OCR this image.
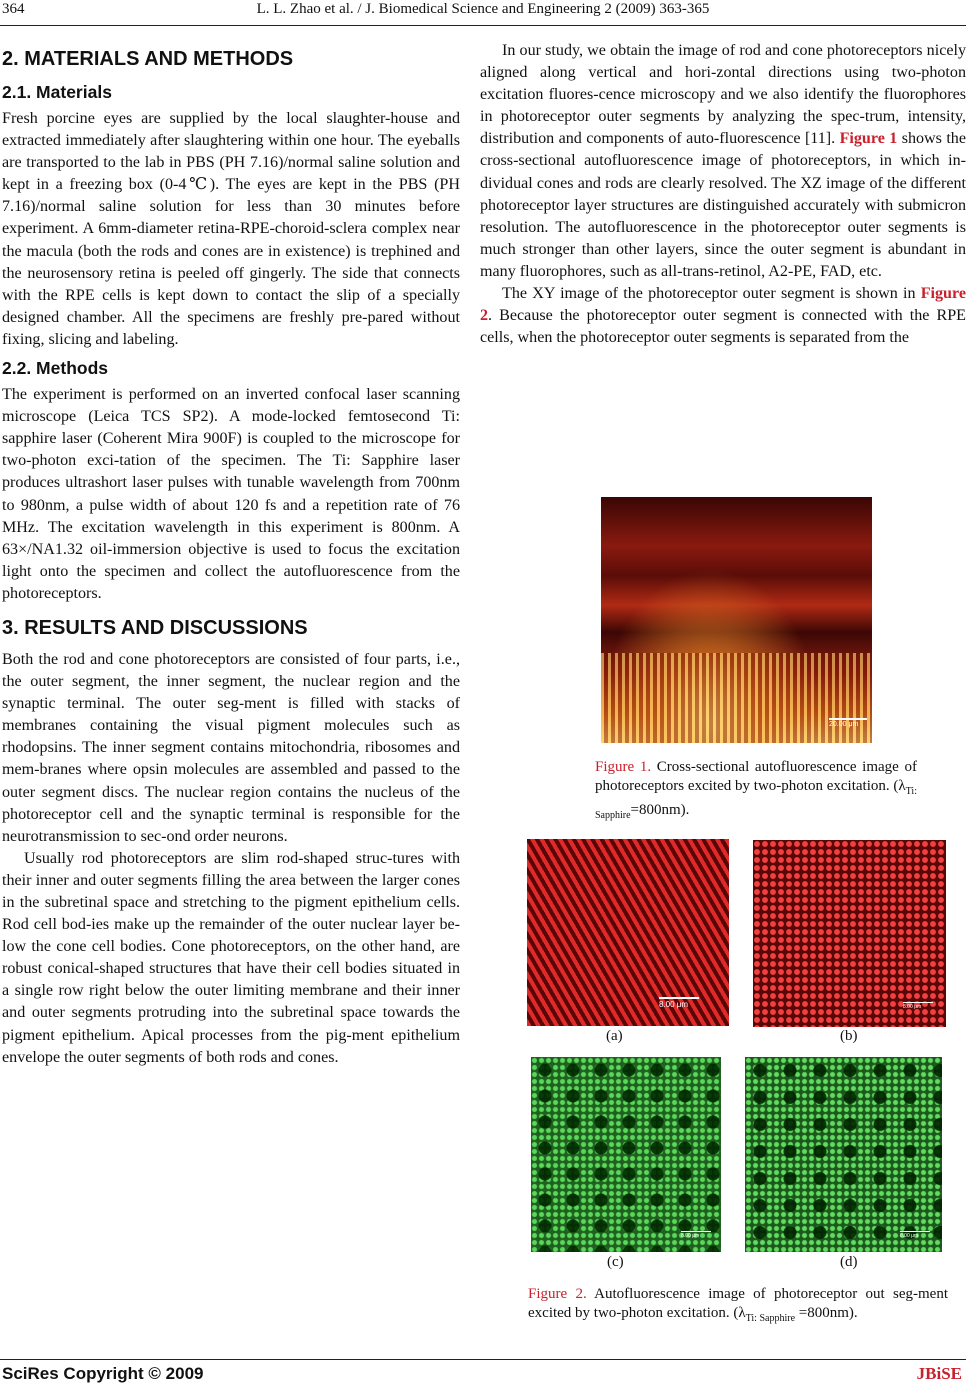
364	L. L. Zhao et al. / J. Biomedical Science and Engineering 2 (2009) 363-365
2. MATERIALS AND METHODS
2.1. Materials

Fresh porcine eyes are supplied by the local slaughter-house and extracted immediately after slaughtering within one hour. The eyeballs are transported to the lab in PBS (PH 7.16)/normal saline solution and kept in a freezing box (0-4℃). The eyes are kept in the PBS (PH 7.16)/normal saline solution for less than 30 minutes before experiment. A 6mm-diameter retina-RPE-choroid-sclera complex near the macula (both the rods and cones are in existence) is trephined and the neurosensory retina is peeled off gingerly. The side that connects with the RPE cells is kept down to contact the slip of a specially designed chamber. All the specimens are freshly pre-pared without fixing, slicing and labeling.

2.2. Methods

The experiment is performed on an inverted confocal laser scanning microscope (Leica TCS SP2). A mode-locked femtosecond Ti: sapphire laser (Coherent Mira 900F) is coupled to the microscope for two-photon exci-tation of the specimen. The Ti: Sapphire laser produces ultrashort laser pulses with tunable wavelength from 700nm to 980nm, a pulse width of about 120 fs and a repetition rate of 76 MHz. The excitation wavelength in this experiment is 800nm. A 63×/NA1.32 oil-immersion objective is used to focus the excitation light onto the specimen and collect the autofluorescence from the photoreceptors.

3. RESULTS AND DISCUSSIONS

Both the rod and cone photoreceptors are consisted of four parts, i.e., the outer segment, the inner segment, the nuclear region and the synaptic terminal. The outer seg-ment is filled with stacks of membranes containing the visual pigment molecules such as rhodopsins. The inner segment contains mitochondria, ribosomes and mem-branes where opsin molecules are assembled and passed to the outer segment discs. The nuclear region contains the nucleus of the photoreceptor cell and the synaptic terminal is responsible for the neurotransmission to sec-ond order neurons.

Usually rod photoreceptors are slim rod-shaped struc-tures with their inner and outer segments filling the area between the larger cones in the subretinal space and stretching to the pigment epithelium cells. Rod cell bod-ies make up the remainder of the outer nuclear layer be-low the cone cell bodies. Cone photoreceptors, on the other hand, are robust conical-shaped structures that have their cell bodies situated in a single row right below the outer limiting membrane and their inner and outer segments protruding into the subretinal space towards the pigment epithelium. Apical processes from the pig-ment epithelium envelope the outer segments of both rods and cones.

In our study, we obtain the image of rod and cone photoreceptors nicely aligned along vertical and hori-zontal directions using two-photon excitation fluores-cence microscopy and we also identify the fluorophores in photoreceptor outer segments by analyzing the spec-trum, intensity, distribution and components of auto-fluorescence [11]. Figure 1 shows the cross-sectional autofluorescence image of photoreceptors, in which in-dividual cones and rods are clearly resolved. The XZ image of the different photoreceptor layer structures are distinguished accurately with submicron resolution. The autofluorescence in the photoreceptor outer segments is much stronger than other layers, since the outer segment is abundant in many fluorophores, such as all-trans-retinol, A2-PE, FAD, etc.

The XY image of the photoreceptor outer segment is shown in Figure 2. Because the photoreceptor outer segment is connected with the RPE cells, when the photoreceptor outer segments is separated from the

20.00 μm
Figure 1. Cross-sectional autofluorescence image of photoreceptors excited by two-photon excitation. $(\lambda_{Ti: Sapphire}=800nm)$.
8.00 μm	8.00 μm
(a)	(b)
8.00 μm	8.00 μm
(c)	(d)
Figure 2. Autofluorescence image of photoreceptor out seg-ment excited by two-photon excitation. $(\lambda_{Ti: Sapphire} =800nm)$.
SciRes Copyright © 2009	JBiSE
